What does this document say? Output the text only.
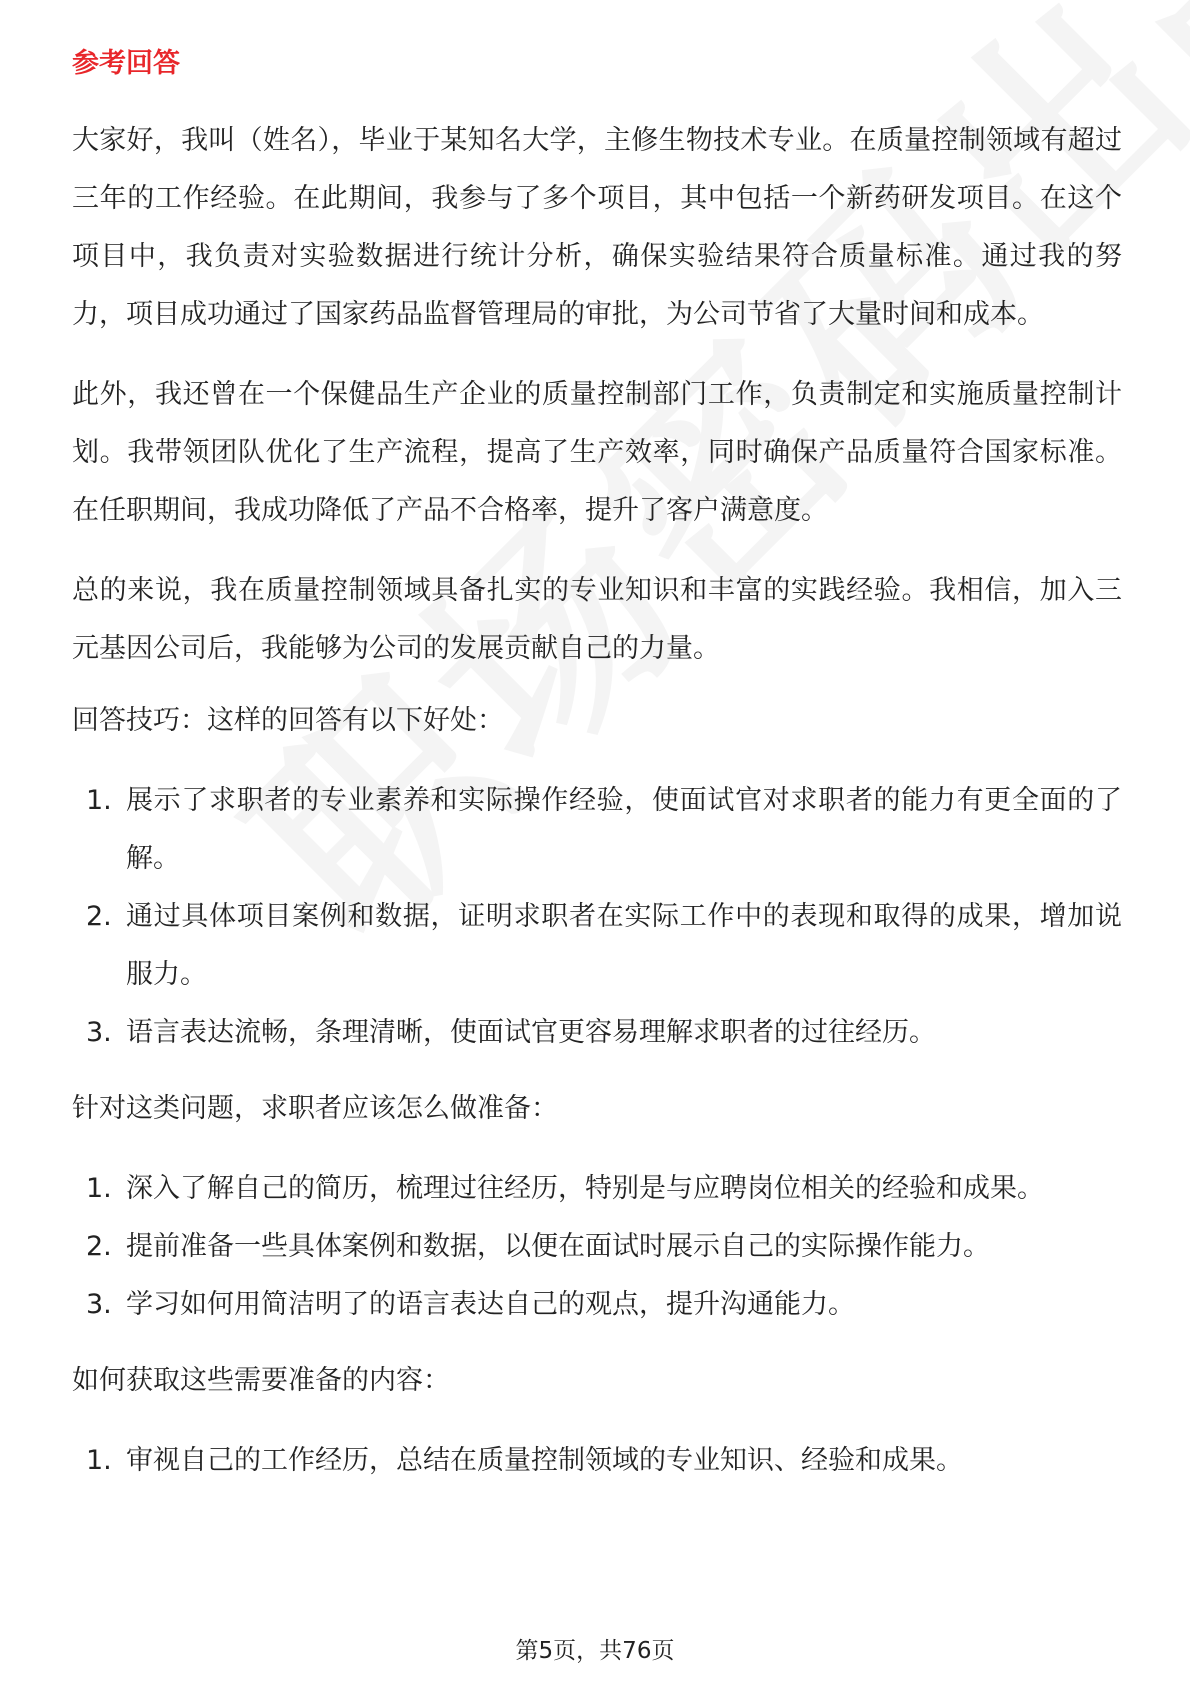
参考回答

大家好，我叫（姓名），毕业于某知名大学，主修生物技术专业。在质量控制领域有超过三年的工作经验。在此期间，我参与了多个项目，其中包括一个新药研发项目。在这个项目中，我负责对实验数据进行统计分析，确保实验结果符合质量标准。通过我的努力，项目成功通过了国家药品监督管理局的审批，为公司节省了大量时间和成本。

此外，我还曾在一个保健品生产企业的质量控制部门工作，负责制定和实施质量控制计划。我带领团队优化了生产流程，提高了生产效率，同时确保产品质量符合国家标准。在任职期间，我成功降低了产品不合格率，提升了客户满意度。

总的来说，我在质量控制领域具备扎实的专业知识和丰富的实践经验。我相信，加入三元基因公司后，我能够为公司的发展贡献自己的力量。

回答技巧：这样的回答有以下好处：

1. 展示了求职者的专业素养和实际操作经验，使面试官对求职者的能力有更全面的了解。
2. 通过具体项目案例和数据，证明求职者在实际工作中的表现和取得的成果，增加说服力。
3. 语言表达流畅，条理清晰，使面试官更容易理解求职者的过往经历。

针对这类问题，求职者应该怎么做准备：

1. 深入了解自己的简历，梳理过往经历，特别是与应聘岗位相关的经验和成果。
2. 提前准备一些具体案例和数据，以便在面试时展示自己的实际操作能力。
3. 学习如何用简洁明了的语言表达自己的观点，提升沟通能力。

如何获取这些需要准备的内容：

1. 审视自己的工作经历，总结在质量控制领域的专业知识、经验和成果。
第5页，共76页
